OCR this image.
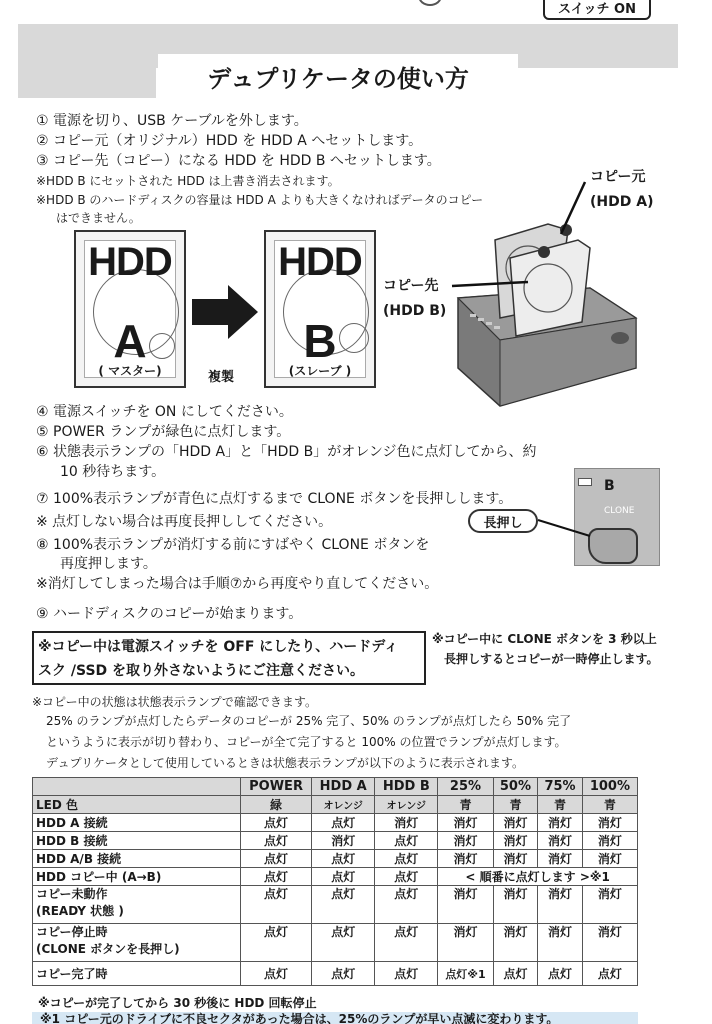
スイッチ ON
デュプリケータの使い方
① 電源を切り、USB ケーブルを外します。
② コピー元（オリジナル）HDD を HDD A へセットします。
③ コピー先（コピー）になる HDD を HDD B へセットします。
※HDD B にセットされた HDD は上書き消去されます。
※HDD B のハードディスクの容量は HDD A よりも大きくなければデータのコピー
はできません。
HDD
A
( マスター)	複製
HDD
B
(スレーブ )
コピー元
(HDD A)
コピー先
(HDD B)
④ 電源スイッチを ON にしてください。
⑤ POWER ランプが緑色に点灯します。
⑥ 状態表示ランプの「HDD A」と「HDD B」がオレンジ色に点灯してから、約
10 秒待ちます。
⑦ 100%表示ランプが青色に点灯するまで CLONE ボタンを長押しします。
※ 点灯しない場合は再度長押ししてください。
⑧ 100%表示ランプが消灯する前にすばやく CLONE ボタンを
再度押します。
※消灯してしまった場合は手順⑦から再度やり直してください。
⑨ ハードディスクのコピーが始まります。
B
CLONE
長押し
※コピー中は電源スイッチを OFF にしたり、ハードディ
スク /SSD を取り外さないようにご注意ください。
※コピー中に CLONE ボタンを 3 秒以上
長押しするとコピーが一時停止します。
※コピー中の状態は状態表示ランプで確認できます。
25% のランプが点灯したらデータのコピーが 25% 完了、50% のランプが点灯したら 50% 完了
というように表示が切り替わり、コピーが全て完了すると 100% の位置でランプが点灯します。
デュプリケータとして使用しているときは状態表示ランプが以下のように表示されます。
	POWER	HDD A	HDD B	25%	50%	75%	100%
LED 色	緑	オレンジ	オレンジ	青	青	青	青
HDD A 接続	点灯	点灯	消灯	消灯	消灯	消灯	消灯
HDD B 接続	点灯	消灯	点灯	消灯	消灯	消灯	消灯
HDD A/B 接続	点灯	点灯	点灯	消灯	消灯	消灯	消灯
HDD コピー中 (A→B)	点灯	点灯	点灯	< 順番に点灯します >※1			

コピー未動作
(READY 状態 )	点灯	点灯	点灯	消灯	消灯	消灯	消灯

コピー停止時
(CLONE ボタンを長押し)	点灯	点灯	点灯	消灯	消灯	消灯	消灯
コピー完了時	点灯	点灯	点灯	点灯※1	点灯	点灯	点灯
※コピーが完了してから 30 秒後に HDD 回転停止
※1 コピー元のドライブに不良セクタがあった場合は、25%のランプが早い点滅に変わります。
